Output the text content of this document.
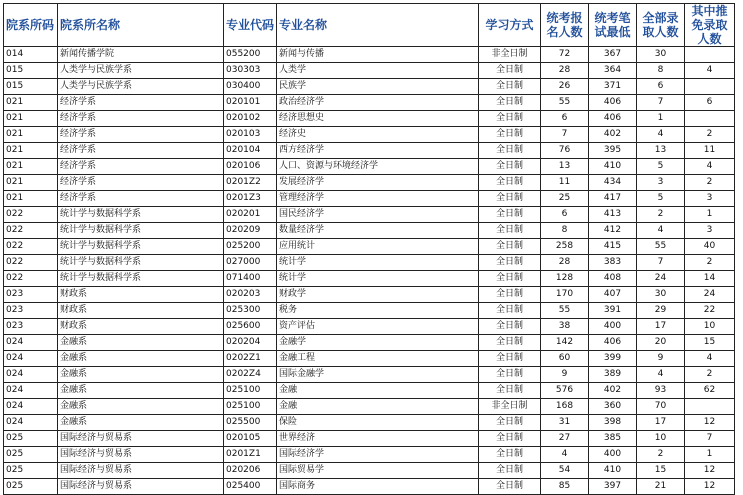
院系所码	院系所名称	专业代码	专业名称	学习方式	统考报名人数	统考笔试最低	全部录取人数	其中推免录取人数
014	新闻传播学院	055200	新闻与传播	非全日制	72	367	30	
015	人类学与民族学系	030303	人类学	全日制	28	364	8	4
015	人类学与民族学系	030400	民族学	全日制	26	371	6	
021	经济学系	020101	政治经济学	全日制	55	406	7	6
021	经济学系	020102	经济思想史	全日制	6	406	1	
021	经济学系	020103	经济史	全日制	7	402	4	2
021	经济学系	020104	西方经济学	全日制	76	395	13	11
021	经济学系	020106	人口、资源与环境经济学	全日制	13	410	5	4
021	经济学系	0201Z2	发展经济学	全日制	11	434	3	2
021	经济学系	0201Z3	管理经济学	全日制	25	417	5	3
022	统计学与数据科学系	020201	国民经济学	全日制	6	413	2	1
022	统计学与数据科学系	020209	数量经济学	全日制	8	412	4	3
022	统计学与数据科学系	025200	应用统计	全日制	258	415	55	40
022	统计学与数据科学系	027000	统计学	全日制	28	383	7	2
022	统计学与数据科学系	071400	统计学	全日制	128	408	24	14
023	财政系	020203	财政学	全日制	170	407	30	24
023	财政系	025300	税务	全日制	55	391	29	22
023	财政系	025600	资产评估	全日制	38	400	17	10
024	金融系	020204	金融学	全日制	142	406	20	15
024	金融系	0202Z1	金融工程	全日制	60	399	9	4
024	金融系	0202Z4	国际金融学	全日制	9	389	4	2
024	金融系	025100	金融	全日制	576	402	93	62
024	金融系	025100	金融	非全日制	168	360	70	
024	金融系	025500	保险	全日制	31	398	17	12
025	国际经济与贸易系	020105	世界经济	全日制	27	385	10	7
025	国际经济与贸易系	0201Z1	国际经济学	全日制	4	400	2	1
025	国际经济与贸易系	020206	国际贸易学	全日制	54	410	15	12
025	国际经济与贸易系	025400	国际商务	全日制	85	397	21	12
